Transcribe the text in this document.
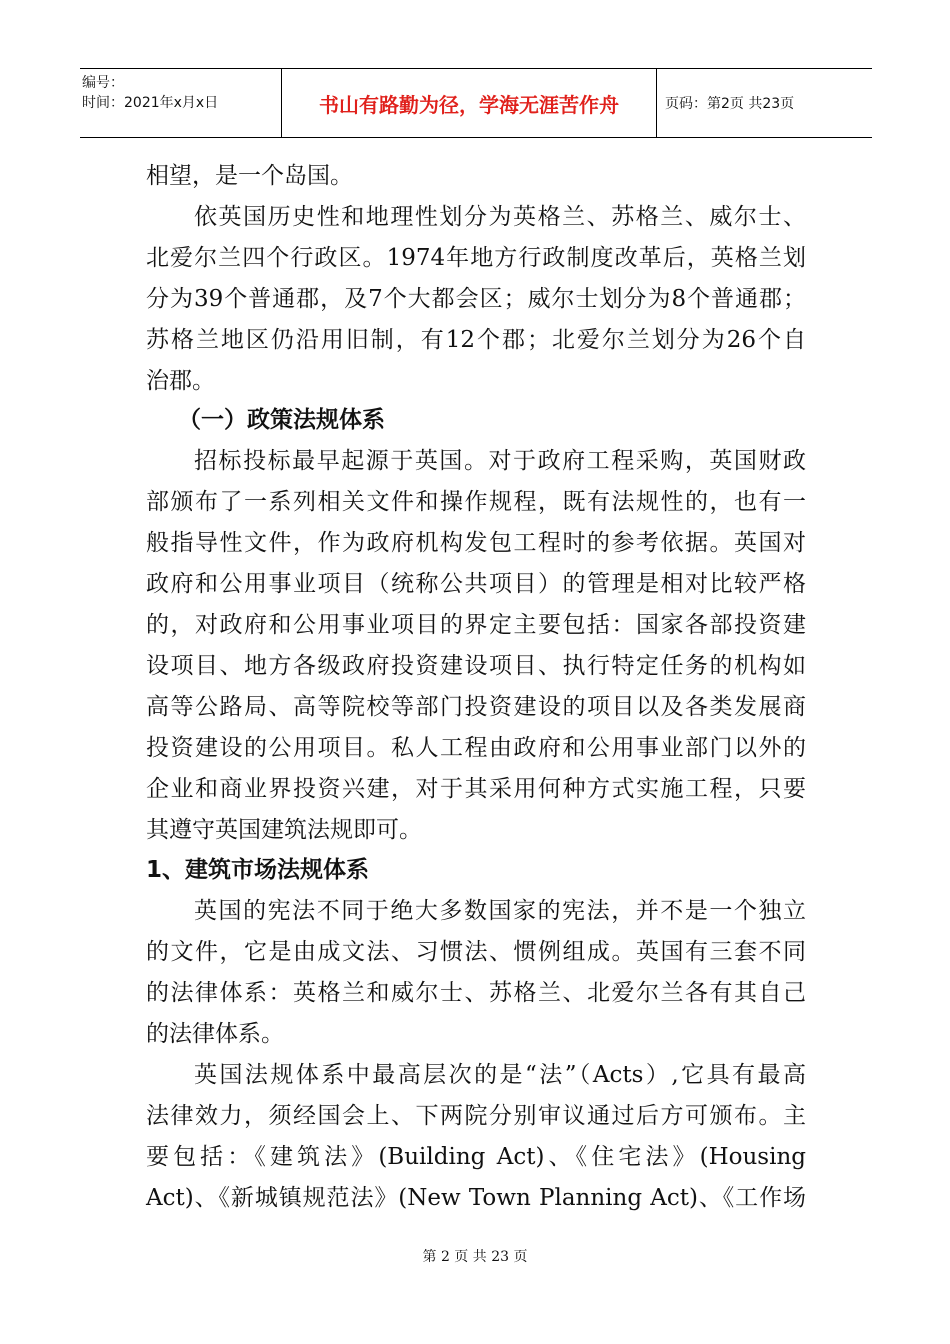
编号：
时间：2021年x月x日	书山有路勤为径，学海无涯苦作舟	页码：第2页 共23页
相望，是一个岛国。
依英国历史性和地理性划分为英格兰、苏格兰、威尔士、
北爱尔兰四个行政区。1974年地方行政制度改革后，英格兰划
分为39个普通郡，及7个大都会区；威尔士划分为8个普通郡；
苏格兰地区仍沿用旧制，有12个郡；北爱尔兰划分为26个自
治郡。
（一）政策法规体系
招标投标最早起源于英国。对于政府工程采购，英国财政
部颁布了一系列相关文件和操作规程，既有法规性的，也有一
般指导性文件，作为政府机构发包工程时的参考依据。英国对
政府和公用事业项目（统称公共项目）的管理是相对比较严格
的，对政府和公用事业项目的界定主要包括：国家各部投资建
设项目、地方各级政府投资建设项目、执行特定任务的机构如
高等公路局、高等院校等部门投资建设的项目以及各类发展商
投资建设的公用项目。私人工程由政府和公用事业部门以外的
企业和商业界投资兴建，对于其采用何种方式实施工程，只要
其遵守英国建筑法规即可。
1、建筑市场法规体系
英国的宪法不同于绝大多数国家的宪法，并不是一个独立
的文件，它是由成文法、习惯法、惯例组成。英国有三套不同
的法律体系：英格兰和威尔士、苏格兰、北爱尔兰各有其自己
的法律体系。
英国法规体系中最高层次的是“法”（Acts）,它具有最高
法律效力，须经国会上、下两院分别审议通过后方可颁布。主
要包括：《建筑法》(Building Act)、《住宅法》(Housing
Act)、《新城镇规范法》(New Town Planning Act)、《工作场
第 2 页 共 23 页
